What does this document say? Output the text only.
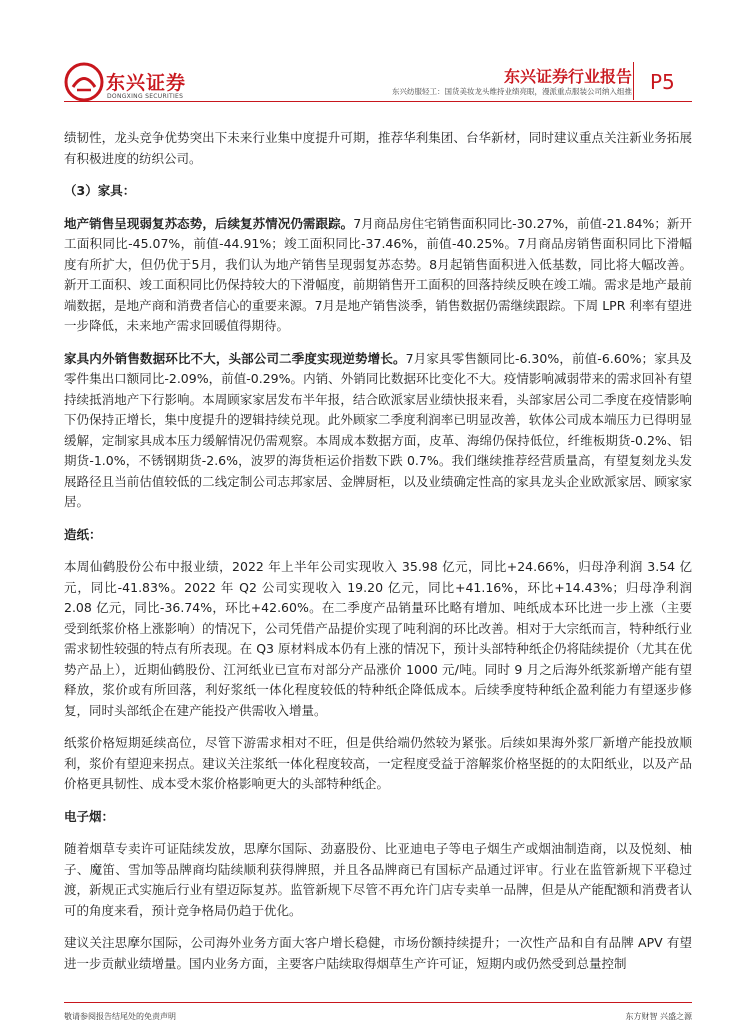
东兴证券
DONGXING SECURITIES
东兴证券行业报告 P5
东兴纺服轻工：国货美妆龙头维持业绩亮眼，漫派重点服装公司纳入组推

绩韧性，龙头竞争优势突出下未来行业集中度提升可期，推荐华利集团、台华新材，同时建议重点关注新业务拓展有积极进度的纺织公司。

（3）家具：

地产销售呈现弱复苏态势，后续复苏情况仍需跟踪。7月商品房住宅销售面积同比-30.27%，前值-21.84%；新开工面积同比-45.07%，前值-44.91%；竣工面积同比-37.46%，前值-40.25%。7月商品房销售面积同比下滑幅度有所扩大，但仍优于5月，我们认为地产销售呈现弱复苏态势。8月起销售面积进入低基数，同比将大幅改善。新开工面积、竣工面积同比仍保持较大的下滑幅度，前期销售开工面积的回落持续反映在竣工端。需求是地产最前端数据，是地产商和消费者信心的重要来源。7月是地产销售淡季，销售数据仍需继续跟踪。下周 LPR 利率有望进一步降低，未来地产需求回暖值得期待。

家具内外销售数据环比不大，头部公司二季度实现逆势增长。7月家具零售额同比-6.30%，前值-6.60%；家具及零件集出口额同比-2.09%，前值-0.29%。内销、外销同比数据环比变化不大。疫情影响减弱带来的需求回补有望持续抵消地产下行影响。本周顾家家居发布半年报，结合欧派家居业绩快报来看，头部家居公司二季度在疫情影响下仍保持正增长，集中度提升的逻辑持续兑现。此外顾家二季度利润率已明显改善，软体公司成本端压力已得明显缓解，定制家具成本压力缓解情况仍需观察。本周成本数据方面，皮革、海绵仍保持低位，纤维板期货-0.2%、铝期货-1.0%，不锈钢期货-2.6%，波罗的海货柜运价指数下跌 0.7%。我们继续推荐经营质量高，有望复刻龙头发展路径且当前估值较低的二线定制公司志邦家居、金牌厨柜，以及业绩确定性高的家具龙头企业欧派家居、顾家家居。

造纸：

本周仙鹤股份公布中报业绩，2022 年上半年公司实现收入 35.98 亿元，同比+24.66%，归母净利润 3.54 亿元，同比-41.83%。2022 年 Q2 公司实现收入 19.20 亿元，同比+41.16%，环比+14.43%；归母净利润 2.08 亿元，同比-36.74%，环比+42.60%。在二季度产品销量环比略有增加、吨纸成本环比进一步上涨（主要受到纸浆价格上涨影响）的情况下，公司凭借产品提价实现了吨利润的环比改善。相对于大宗纸而言，特种纸行业需求韧性较强的特点有所表现。在 Q3 原材料成本仍有上涨的情况下，预计头部特种纸企仍将陆续提价（尤其在优势产品上），近期仙鹤股份、江河纸业已宣布对部分产品涨价 1000 元/吨。同时 9 月之后海外纸浆新增产能有望释放，浆价或有所回落，利好浆纸一体化程度较低的特种纸企降低成本。后续季度特种纸企盈利能力有望逐步修复，同时头部纸企在建产能投产供需收入增量。

纸浆价格短期延续高位，尽管下游需求相对不旺，但是供给端仍然较为紧张。后续如果海外浆厂新增产能投放顺利，浆价有望迎来拐点。建议关注浆纸一体化程度较高，一定程度受益于溶解浆价格坚挺的的太阳纸业，以及产品价格更具韧性、成本受木浆价格影响更大的头部特种纸企。

电子烟：

随着烟草专卖许可证陆续发放，思摩尔国际、劲嘉股份、比亚迪电子等电子烟生产或烟油制造商，以及悦刻、柚子、魔笛、雪加等品牌商均陆续顺利获得牌照，并且各品牌商已有国标产品通过评审。行业在监管新规下平稳过渡，新规正式实施后行业有望迈际复苏。监管新规下尽管不再允许门店专卖单一品牌，但是从产能配额和消费者认可的角度来看，预计竞争格局仍趋于优化。

建议关注思摩尔国际，公司海外业务方面大客户增长稳健，市场份额持续提升；一次性产品和自有品牌 APV 有望进一步贡献业绩增量。国内业务方面，主要客户陆续取得烟草生产许可证，短期内或仍然受到总量控制

敬请参阅报告结尾处的免责声明	东方财智 兴盛之源
